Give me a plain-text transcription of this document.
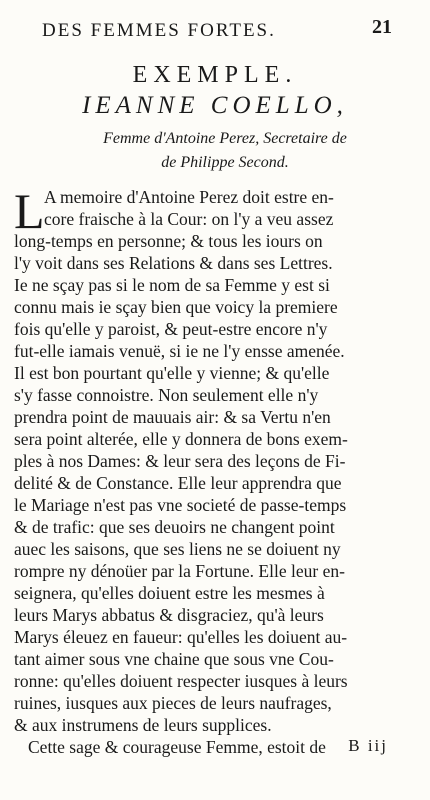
DES FEMMES FORTES.	21
EXEMPLE.
IEANNE COELLO,
Femme d'Antoine Perez, Secretaire de
de Philippe Second.
L A memoire d'Antoine Perez doit estre en-
core fraische à la Cour: on l'y a veu assez
long-temps en personne; & tous les iours on
l'y voit dans ses Relations & dans ses Lettres.
Ie ne sçay pas si le nom de sa Femme y est si
connu mais ie sçay bien que voicy la premiere
fois qu'elle y paroist, & peut-estre encore n'y
fut-elle iamais venuë, si ie ne l'y ensse amenée.
Il est bon pourtant qu'elle y vienne; & qu'elle
s'y fasse connoistre. Non seulement elle n'y
prendra point de mauuais air: & sa Vertu n'en
sera point alterée, elle y donnera de bons exem-
ples à nos Dames: & leur sera des leçons de Fi-
delité & de Constance. Elle leur apprendra que
le Mariage n'est pas vne societé de passe-temps
& de trafic: que ses deuoirs ne changent point
auec les saisons, que ses liens ne se doiuent ny
rompre ny dénoüer par la Fortune. Elle leur en-
seignera, qu'elles doiuent estre les mesmes à
leurs Marys abbatus & disgraciez, qu'à leurs
Marys éleuez en faueur: qu'elles les doiuent au-
tant aimer sous vne chaine que sous vne Cou-
ronne: qu'elles doiuent respecter iusques à leurs
ruines, iusques aux pieces de leurs naufrages,
& aux instrumens de leurs supplices.
Cette sage & courageuse Femme, estoit de	B iij
